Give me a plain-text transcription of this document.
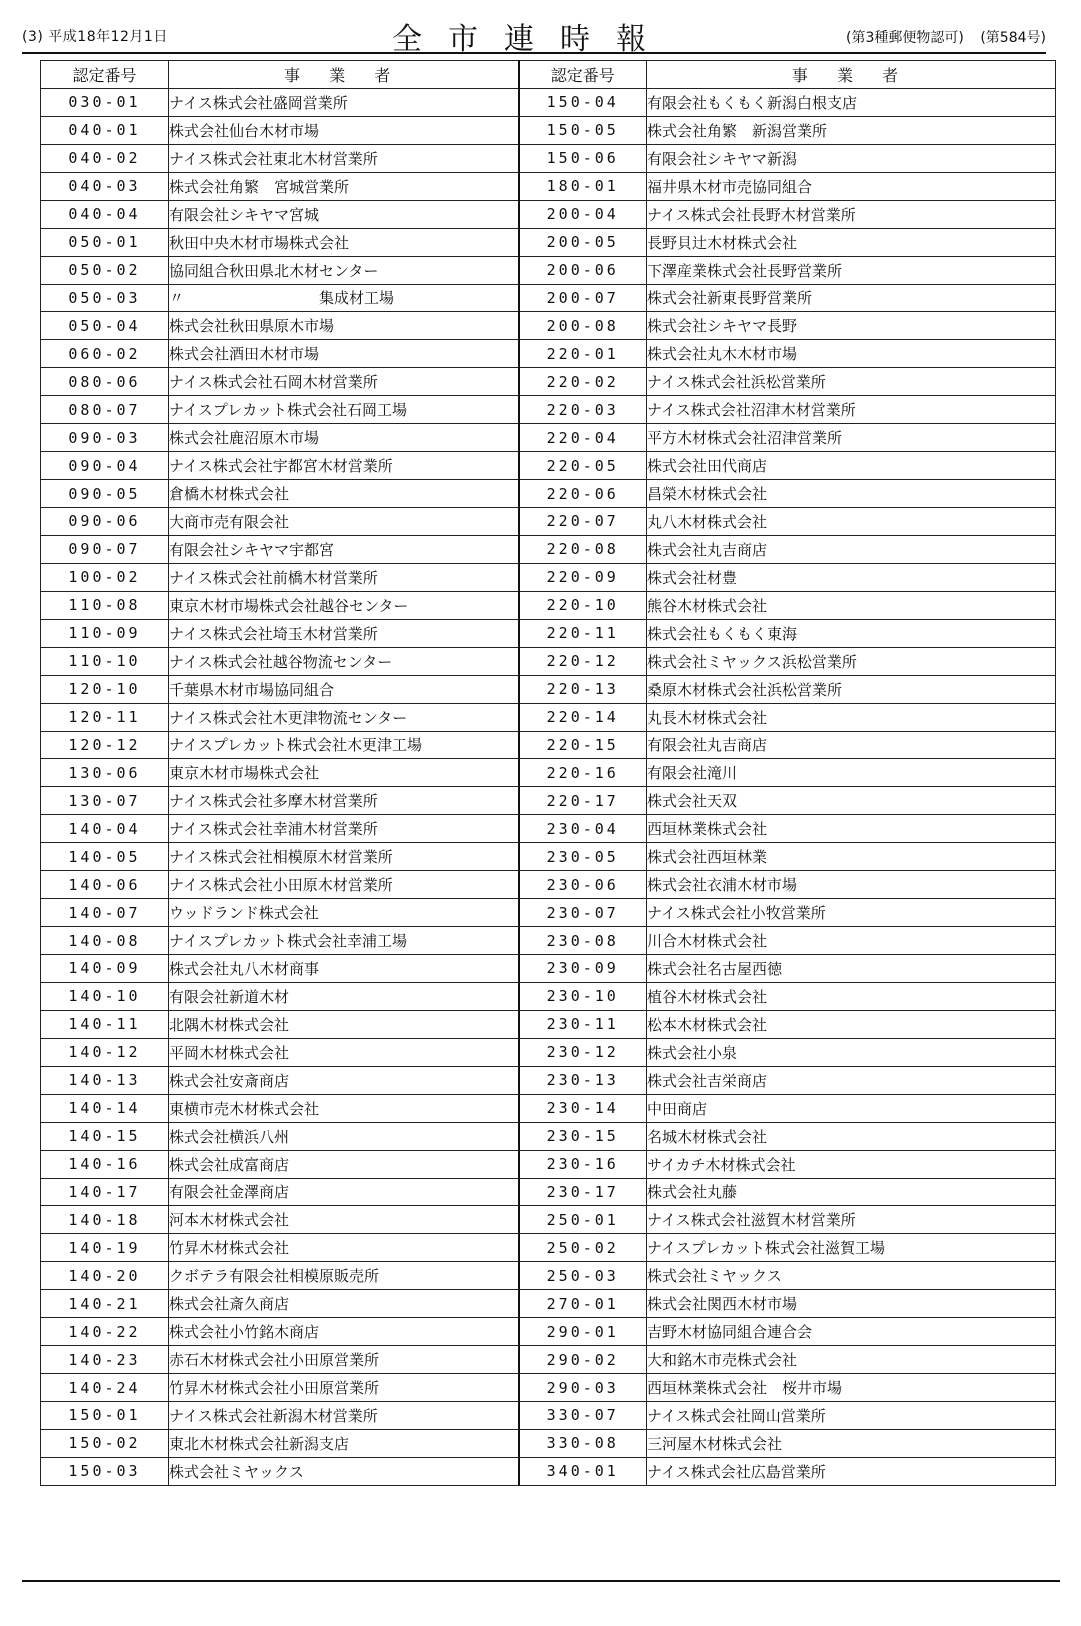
(3) 平成18年12月1日	全市連時報	(第3種郵便物認可) (第584号)
認定番号	事 業 者	認定番号	事 業 者
030-01	ナイス株式会社盛岡営業所	150-04	有限会社もくもく新潟白根支店
040-01	株式会社仙台木材市場	150-05	株式会社角繁　新潟営業所
040-02	ナイス株式会社東北木材営業所	150-06	有限会社シキヤマ新潟
040-03	株式会社角繁　宮城営業所	180-01	福井県木材市売協同組合
040-04	有限会社シキヤマ宮城	200-04	ナイス株式会社長野木材営業所
050-01	秋田中央木材市場株式会社	200-05	長野貝辻木材株式会社
050-02	協同組合秋田県北木材センター	200-06	下澤産業株式会社長野営業所
050-03	〃　　　　　　　　　集成材工場	200-07	株式会社新東長野営業所
050-04	株式会社秋田県原木市場	200-08	株式会社シキヤマ長野
060-02	株式会社酒田木材市場	220-01	株式会社丸木木材市場
080-06	ナイス株式会社石岡木材営業所	220-02	ナイス株式会社浜松営業所
080-07	ナイスプレカット株式会社石岡工場	220-03	ナイス株式会社沼津木材営業所
090-03	株式会社鹿沼原木市場	220-04	平方木材株式会社沼津営業所
090-04	ナイス株式会社宇都宮木材営業所	220-05	株式会社田代商店
090-05	倉橋木材株式会社	220-06	昌榮木材株式会社
090-06	大商市売有限会社	220-07	丸八木材株式会社
090-07	有限会社シキヤマ宇都宮	220-08	株式会社丸吉商店
100-02	ナイス株式会社前橋木材営業所	220-09	株式会社材豊
110-08	東京木材市場株式会社越谷センター	220-10	熊谷木材株式会社
110-09	ナイス株式会社埼玉木材営業所	220-11	株式会社もくもく東海
110-10	ナイス株式会社越谷物流センター	220-12	株式会社ミヤックス浜松営業所
120-10	千葉県木材市場協同組合	220-13	桑原木材株式会社浜松営業所
120-11	ナイス株式会社木更津物流センター	220-14	丸長木材株式会社
120-12	ナイスプレカット株式会社木更津工場	220-15	有限会社丸吉商店
130-06	東京木材市場株式会社	220-16	有限会社滝川
130-07	ナイス株式会社多摩木材営業所	220-17	株式会社天双
140-04	ナイス株式会社幸浦木材営業所	230-04	西垣林業株式会社
140-05	ナイス株式会社相模原木材営業所	230-05	株式会社西垣林業
140-06	ナイス株式会社小田原木材営業所	230-06	株式会社衣浦木材市場
140-07	ウッドランド株式会社	230-07	ナイス株式会社小牧営業所
140-08	ナイスプレカット株式会社幸浦工場	230-08	川合木材株式会社
140-09	株式会社丸八木材商事	230-09	株式会社名古屋西徳
140-10	有限会社新道木材	230-10	植谷木材株式会社
140-11	北隅木材株式会社	230-11	松本木材株式会社
140-12	平岡木材株式会社	230-12	株式会社小泉
140-13	株式会社安斎商店	230-13	株式会社吉栄商店
140-14	東横市売木材株式会社	230-14	中田商店
140-15	株式会社横浜八州	230-15	名城木材株式会社
140-16	株式会社成富商店	230-16	サイカチ木材株式会社
140-17	有限会社金澤商店	230-17	株式会社丸藤
140-18	河本木材株式会社	250-01	ナイス株式会社滋賀木材営業所
140-19	竹昇木材株式会社	250-02	ナイスプレカット株式会社滋賀工場
140-20	クボテラ有限会社相模原販売所	250-03	株式会社ミヤックス
140-21	株式会社斎久商店	270-01	株式会社関西木材市場
140-22	株式会社小竹銘木商店	290-01	吉野木材協同組合連合会
140-23	赤石木材株式会社小田原営業所	290-02	大和銘木市売株式会社
140-24	竹昇木材株式会社小田原営業所	290-03	西垣林業株式会社　桜井市場
150-01	ナイス株式会社新潟木材営業所	330-07	ナイス株式会社岡山営業所
150-02	東北木材株式会社新潟支店	330-08	三河屋木材株式会社
150-03	株式会社ミヤックス	340-01	ナイス株式会社広島営業所
